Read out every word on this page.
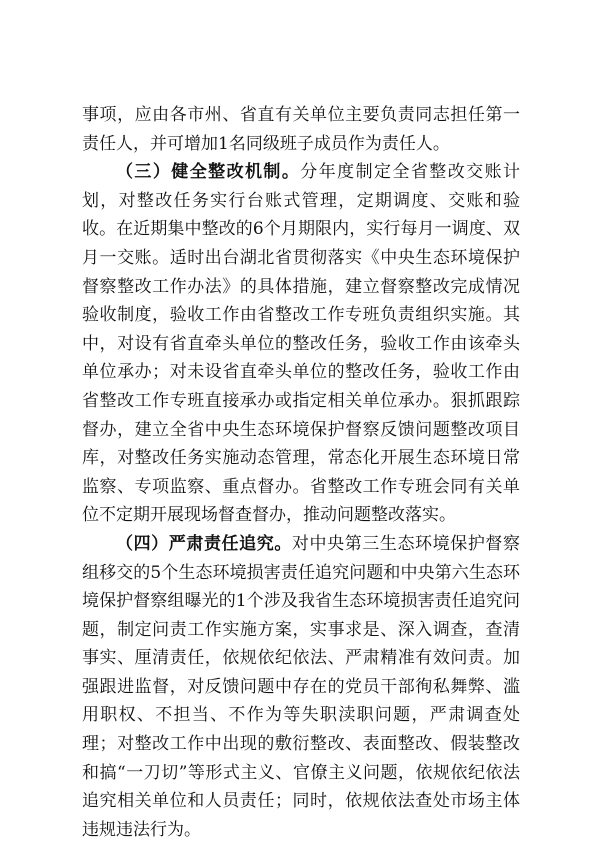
事项，应由各市州、省直有关单位主要负责同志担任第一责任人，并可增加1名同级班子成员作为责任人。

（三）健全整改机制。分年度制定全省整改交账计划，对整改任务实行台账式管理，定期调度、交账和验收。在近期集中整改的6个月期限内，实行每月一调度、双月一交账。适时出台湖北省贯彻落实《中央生态环境保护督察整改工作办法》的具体措施，建立督察整改完成情况验收制度，验收工作由省整改工作专班负责组织实施。其中，对设有省直牵头单位的整改任务，验收工作由该牵头单位承办；对未设省直牵头单位的整改任务，验收工作由省整改工作专班直接承办或指定相关单位承办。狠抓跟踪督办，建立全省中央生态环境保护督察反馈问题整改项目库，对整改任务实施动态管理，常态化开展生态环境日常监察、专项监察、重点督办。省整改工作专班会同有关单位不定期开展现场督查督办，推动问题整改落实。

（四）严肃责任追究。对中央第三生态环境保护督察组移交的5个生态环境损害责任追究问题和中央第六生态环境保护督察组曝光的1个涉及我省生态环境损害责任追究问题，制定问责工作实施方案，实事求是、深入调查，查清事实、厘清责任，依规依纪依法、严肃精准有效问责。加强跟进监督，对反馈问题中存在的党员干部徇私舞弊、滥用职权、不担当、不作为等失职渎职问题，严肃调查处理；对整改工作中出现的敷衍整改、表面整改、假装整改和搞“一刀切”等形式主义、官僚主义问题，依规依纪依法追究相关单位和人员责任；同时，依规依法查处市场主体违规违法行为。
